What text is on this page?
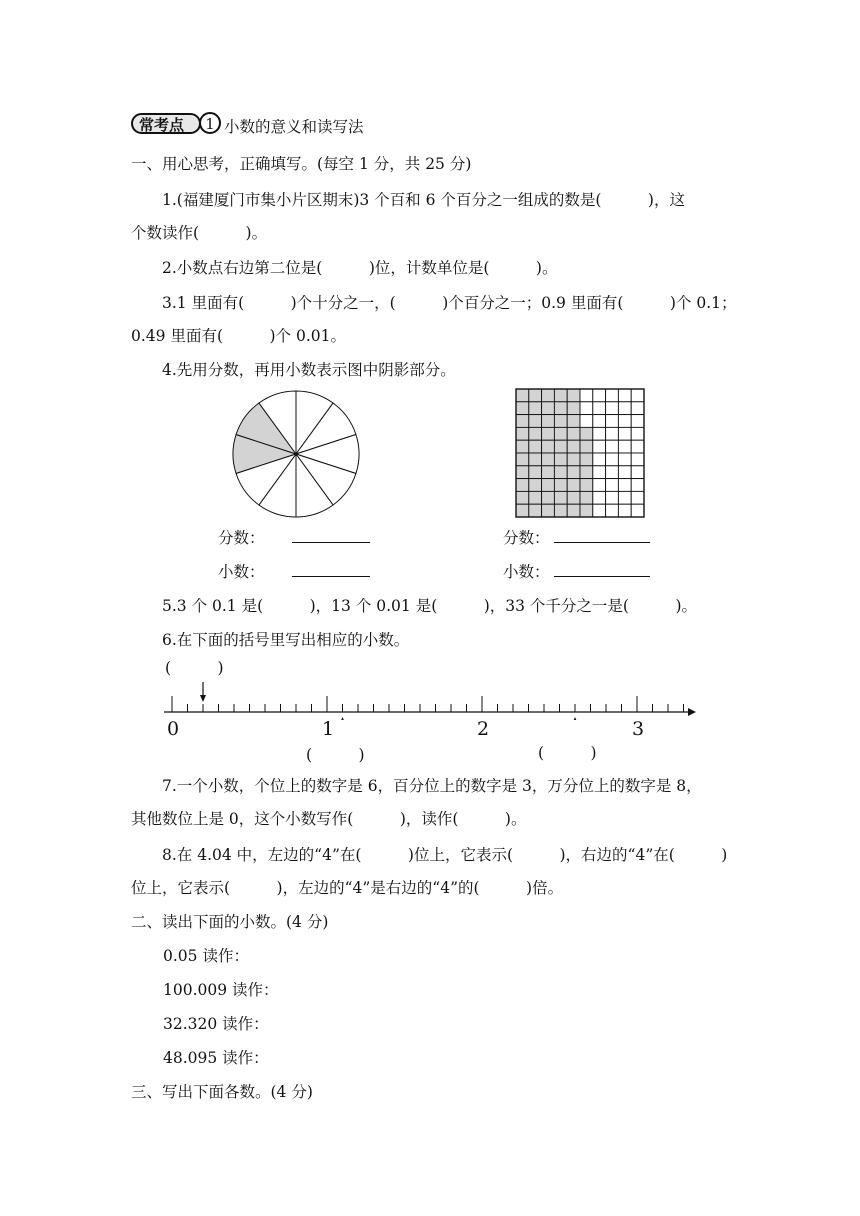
常考点	1 小数的意义和读写法
一、用心思考，正确填写。(每空 1 分，共 25 分)
1.(福建厦门市集小片区期末)3 个百和 6 个百分之一组成的数是(　　　)，这
个数读作(　　　)。
2.小数点右边第二位是(　　　)位，计数单位是(　　　)。
3.1 里面有(　　　)个十分之一，(　　　)个百分之一；0.9 里面有(　　　)个 0.1；
0.49 里面有(　　　)个 0.01。
4.先用分数，再用小数表示图中阴影部分。
分数：
小数：
分数：
小数：
5.3 个 0.1 是(　　　)，13 个 0.01 是(　　　)，33 个千分之一是(　　　)。
6.在下面的括号里写出相应的小数。
(　　　)
0	1	2	3
(　　　)	(　　　)
7.一个小数，个位上的数字是 6，百分位上的数字是 3，万分位上的数字是 8，
其他数位上是 0，这个小数写作(　　　)，读作(　　　)。
8.在 4.04 中，左边的“4”在(　　　)位上，它表示(　　　)，右边的“4”在(　　　)
位上，它表示(　　　)，左边的“4”是右边的“4”的(　　　)倍。
二、读出下面的小数。(4 分)
0.05 读作：
100.009 读作：
32.320 读作：
48.095 读作：
三、写出下面各数。(4 分)
